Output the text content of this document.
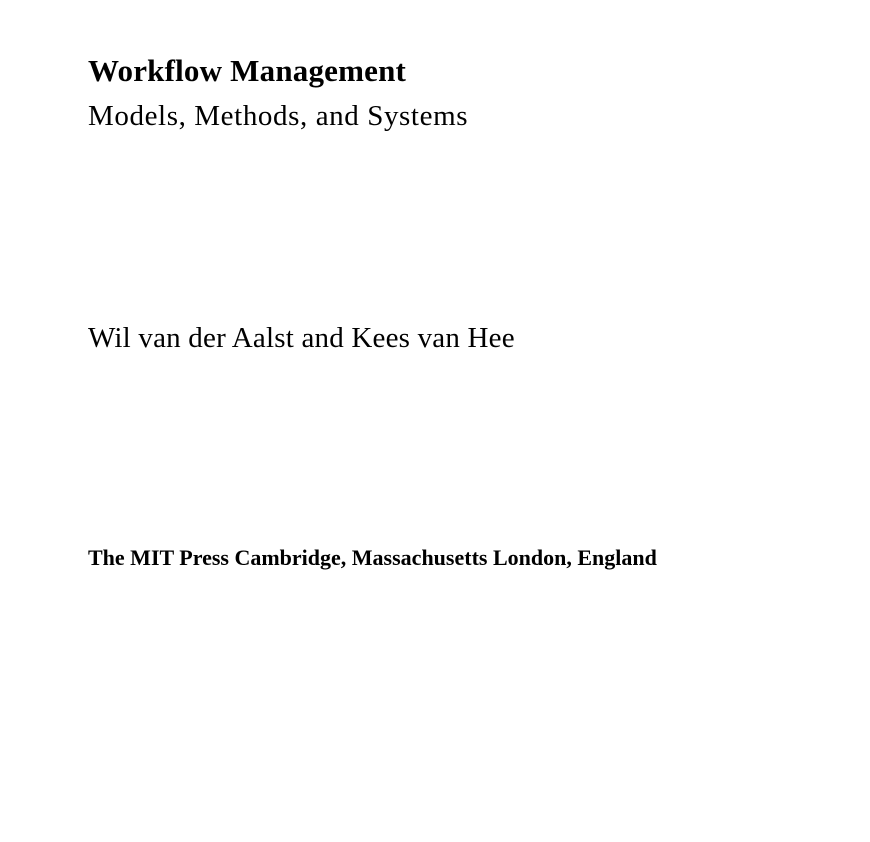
Workflow Management
Models, Methods, and Systems

Wil van der Aalst and Kees van Hee

The MIT Press Cambridge, Massachusetts London, England
